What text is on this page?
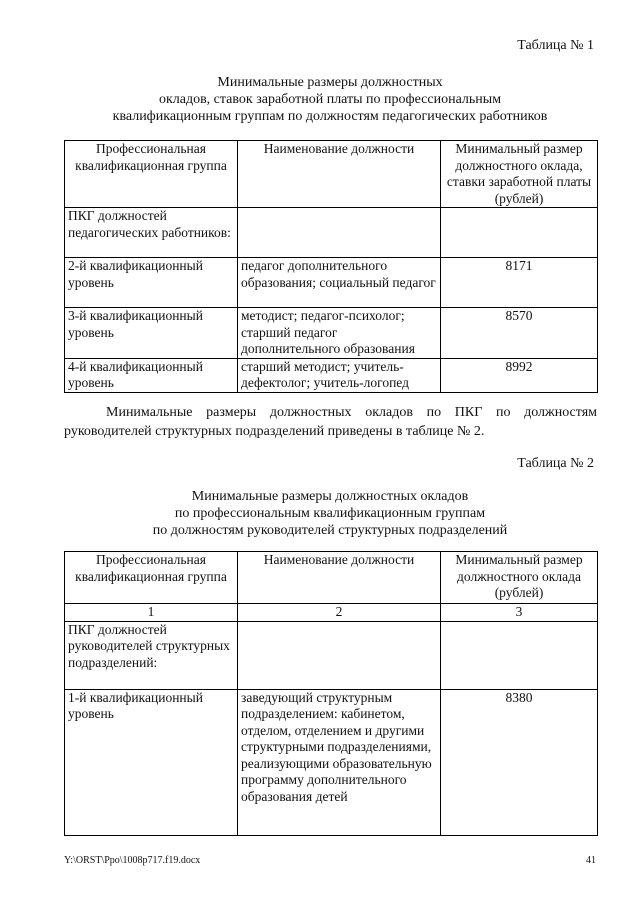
Таблица № 1
Минимальные размеры должностных
окладов, ставок заработной платы по профессиональным
квалификационным группам по должностям педагогических работников
Профессиональная квалификационная группа	Наименование должности	Минимальный размер должностного оклада, ставки заработной платы (рублей)
ПКГ должностей педагогических работников:		
2-й квалификационный уровень	педагог дополнительного образования; социальный педагог	8171
3-й квалификационный уровень	методист; педагог-психолог; старший педагог дополнительного образования	8570
4-й квалификационный уровень	старший методист; учитель-дефектолог; учитель-логопед	8992
Минимальные размеры должностных окладов по ПКГ по должностям руководителей структурных подразделений приведены в таблице № 2.
Таблица № 2
Минимальные размеры должностных окладов
по профессиональным квалификационным группам
по должностям руководителей структурных подразделений
Профессиональная квалификационная группа	Наименование должности	Минимальный размер должностного оклада (рублей)
1	2	3
ПКГ должностей руководителей структурных подразделений:		
1-й квалификационный уровень	заведующий структурным подразделением: кабинетом, отделом, отделением и другими структурными подразделениями, реализующими образовательную программу дополнительного образования детей	8380
Y:\ORST\Ppo\1008p717.f19.docx	41
